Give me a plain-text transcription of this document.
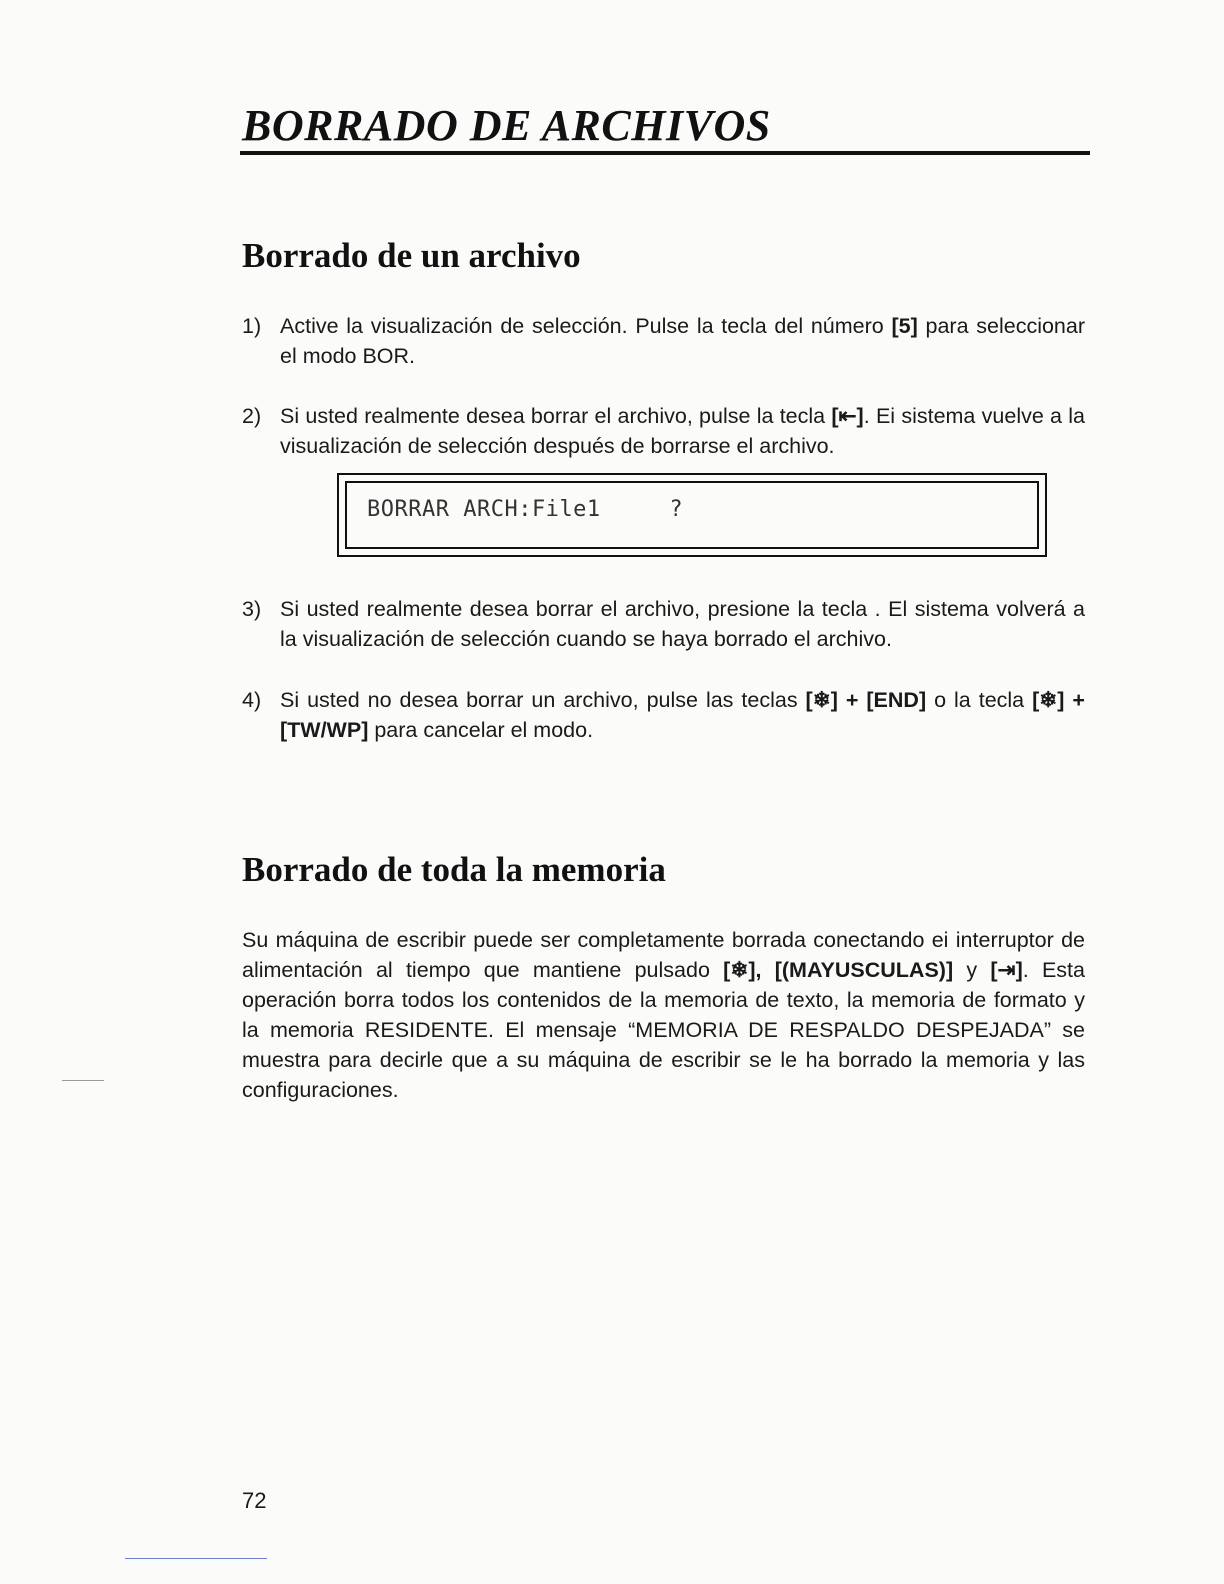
BORRADO DE ARCHIVOS
Borrado de un archivo
1) Active la visualización de selección. Pulse la tecla del número [5] para seleccionar el modo BOR.
2) Si usted realmente desea borrar el archivo, pulse la tecla [⇤]. Ei sistema vuelve a la visualización de selección después de borrarse el archivo.
BORRAR ARCH:File1     ?
3) Si usted realmente desea borrar el archivo, presione la tecla . El sistema volverá a la visualización de selección cuando se haya borrado el archivo.
4) Si usted no desea borrar un archivo, pulse las teclas [❄] + [END] o la tecla [❄] + [TW/WP] para cancelar el modo.
Borrado de toda la memoria
Su máquina de escribir puede ser completamente borrada conectando ei interruptor de alimentación al tiempo que mantiene pulsado [❄], [(MAYUSCULAS)] y [⇥]. Esta operación borra todos los contenidos de la memoria de texto, la memoria de formato y la memoria RESIDENTE. El mensaje “MEMORIA DE RESPALDO DESPEJADA” se muestra para decirle que a su máquina de escribir se le ha borrado la memoria y las configuraciones.
72
